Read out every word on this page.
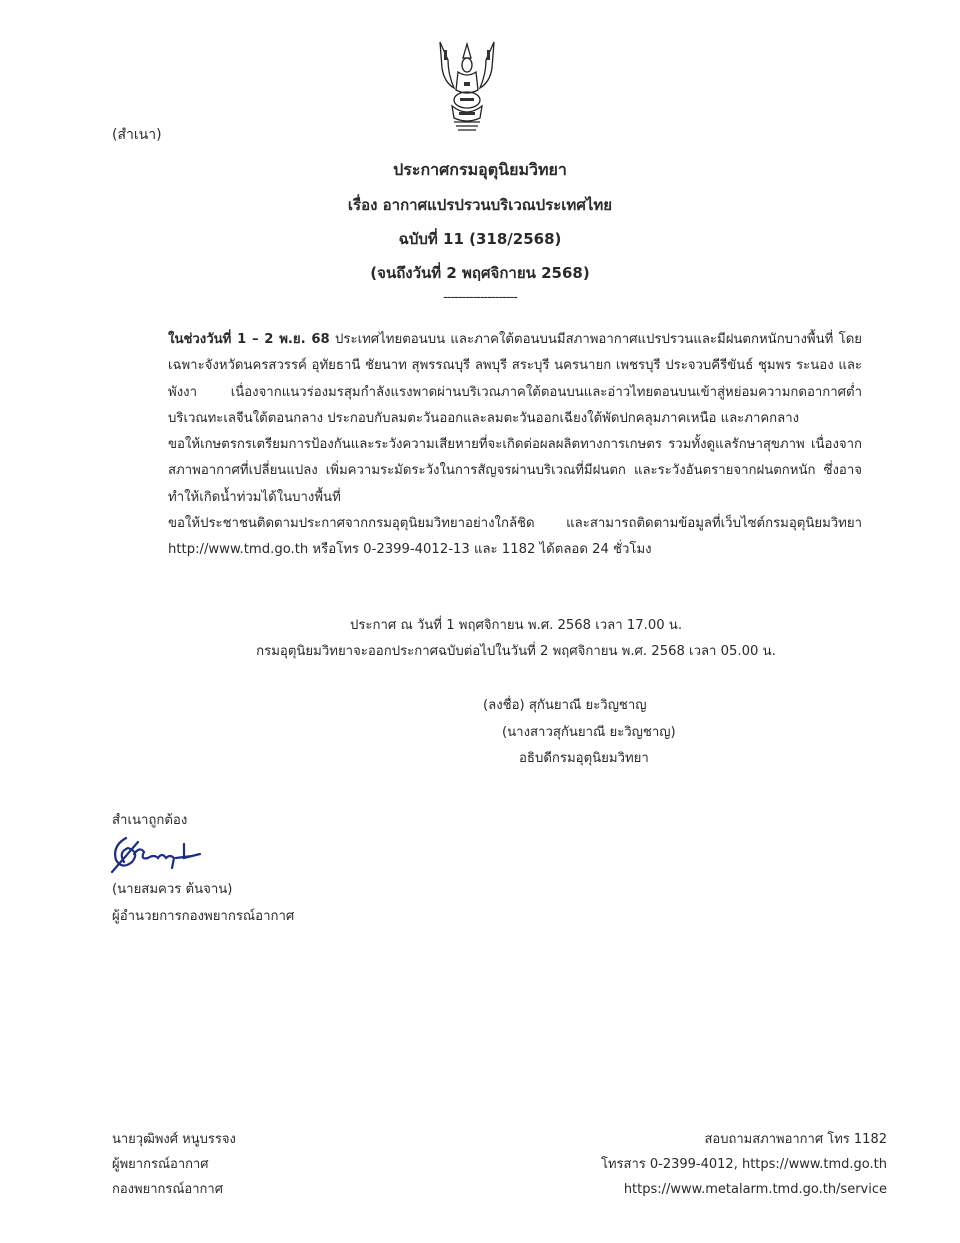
(สำเนา)
ประกาศกรมอุตุนิยมวิทยา
เรื่อง อากาศแปรปรวนบริเวณประเทศไทย
ฉบับที่ 11 (318/2568)
(จนถึงวันที่ 2 พฤศจิกายน 2568)
--------------------

ในช่วงวันที่ 1 – 2 พ.ย. 68 ประเทศไทยตอนบน และภาคใต้ตอนบนมีสภาพอากาศแปรปรวนและมีฝนตกหนักบางพื้นที่ โดยเฉพาะจังหวัดนครสวรรค์ อุทัยธานี ชัยนาท สุพรรณบุรี ลพบุรี สระบุรี นครนายก เพชรบุรี ประจวบคีรีขันธ์ ชุมพร ระนอง และพังงา เนื่องจากแนวร่องมรสุมกำลังแรงพาดผ่านบริเวณภาคใต้ตอนบนและอ่าวไทยตอนบนเข้าสู่หย่อมความกดอากาศต่ำบริเวณทะเลจีนใต้ตอนกลาง ประกอบกับลมตะวันออกและลมตะวันออกเฉียงใต้พัดปกคลุมภาคเหนือ และภาคกลาง

ขอให้เกษตรกรเตรียมการป้องกันและระวังความเสียหายที่จะเกิดต่อผลผลิตทางการเกษตร รวมทั้งดูแลรักษาสุขภาพ เนื่องจากสภาพอากาศที่เปลี่ยนแปลง เพิ่มความระมัดระวังในการสัญจรผ่านบริเวณที่มีฝนตก และระวังอันตรายจากฝนตกหนัก ซึ่งอาจทำให้เกิดน้ำท่วมได้ในบางพื้นที่

ขอให้ประชาชนติดตามประกาศจากกรมอุตุนิยมวิทยาอย่างใกล้ชิด และสามารถติดตามข้อมูลที่เว็บไซต์กรมอุตุนิยมวิทยา http://www.tmd.go.th หรือโทร 0-2399-4012-13 และ 1182 ได้ตลอด 24 ชั่วโมง

ประกาศ ณ วันที่ 1 พฤศจิกายน พ.ศ. 2568 เวลา 17.00 น.
กรมอุตุนิยมวิทยาจะออกประกาศฉบับต่อไปในวันที่ 2 พฤศจิกายน พ.ศ. 2568 เวลา 05.00 น.
(ลงชื่อ) สุกันยาณี ยะวิญชาญ
(นางสาวสุกันยาณี ยะวิญชาญ)
อธิบดีกรมอุตุนิยมวิทยา
สำเนาถูกต้อง
(นายสมควร ต้นจาน)
ผู้อำนวยการกองพยากรณ์อากาศ
นายวุฒิพงศ์ หนูบรรจง
ผู้พยากรณ์อากาศ
กองพยากรณ์อากาศ
สอบถามสภาพอากาศ โทร 1182
โทรสาร 0-2399-4012, https://www.tmd.go.th
https://www.metalarm.tmd.go.th/service
